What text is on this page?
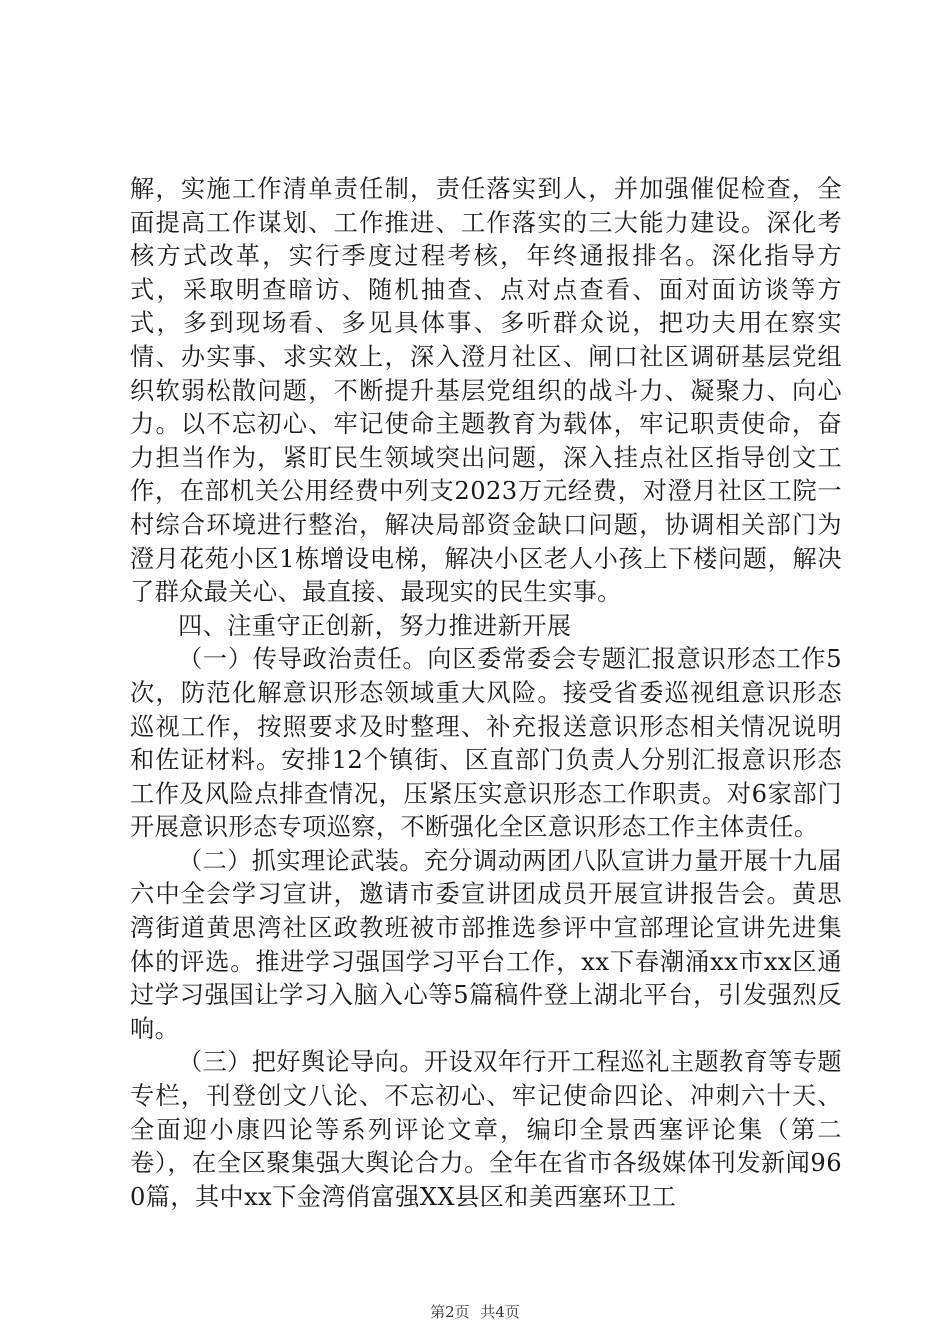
解，实施工作清单责任制，责任落实到人，并加强催促检查，全面提高工作谋划、工作推进、工作落实的三大能力建设。深化考核方式改革，实行季度过程考核，年终通报排名。深化指导方式，采取明查暗访、随机抽查、点对点查看、面对面访谈等方式，多到现场看、多见具体事、多听群众说，把功夫用在察实情、办实事、求实效上，深入澄月社区、闸口社区调研基层党组织软弱松散问题，不断提升基层党组织的战斗力、凝聚力、向心力。以不忘初心、牢记使命主题教育为载体，牢记职责使命，奋力担当作为，紧盯民生领域突出问题，深入挂点社区指导创文工作，在部机关公用经费中列支2023万元经费，对澄月社区工院一村综合环境进行整治，解决局部资金缺口问题，协调相关部门为澄月花苑小区1栋增设电梯，解决小区老人小孩上下楼问题，解决了群众最关心、最直接、最现实的民生实事。

四、注重守正创新，努力推进新开展

（一）传导政治责任。向区委常委会专题汇报意识形态工作5次，防范化解意识形态领域重大风险。接受省委巡视组意识形态巡视工作，按照要求及时整理、补充报送意识形态相关情况说明和佐证材料。安排12个镇街、区直部门负责人分别汇报意识形态工作及风险点排查情况，压紧压实意识形态工作职责。对6家部门开展意识形态专项巡察，不断强化全区意识形态工作主体责任。

（二）抓实理论武装。充分调动两团八队宣讲力量开展十九届六中全会学习宣讲，邀请市委宣讲团成员开展宣讲报告会。黄思湾街道黄思湾社区政教班被市部推选参评中宣部理论宣讲先进集体的评选。推进学习强国学习平台工作，xx下春潮涌xx市xx区通过学习强国让学习入脑入心等5篇稿件登上湖北平台，引发强烈反响。

（三）把好舆论导向。开设双年行开工程巡礼主题教育等专题专栏，刊登创文八论、不忘初心、牢记使命四论、冲刺六十天、全面迎小康四论等系列评论文章，编印全景西塞评论集（第二卷），在全区聚集强大舆论合力。全年在省市各级媒体刊发新闻960篇，其中xx下金湾俏富强XX县区和美西塞环卫工

第2页 共4页
